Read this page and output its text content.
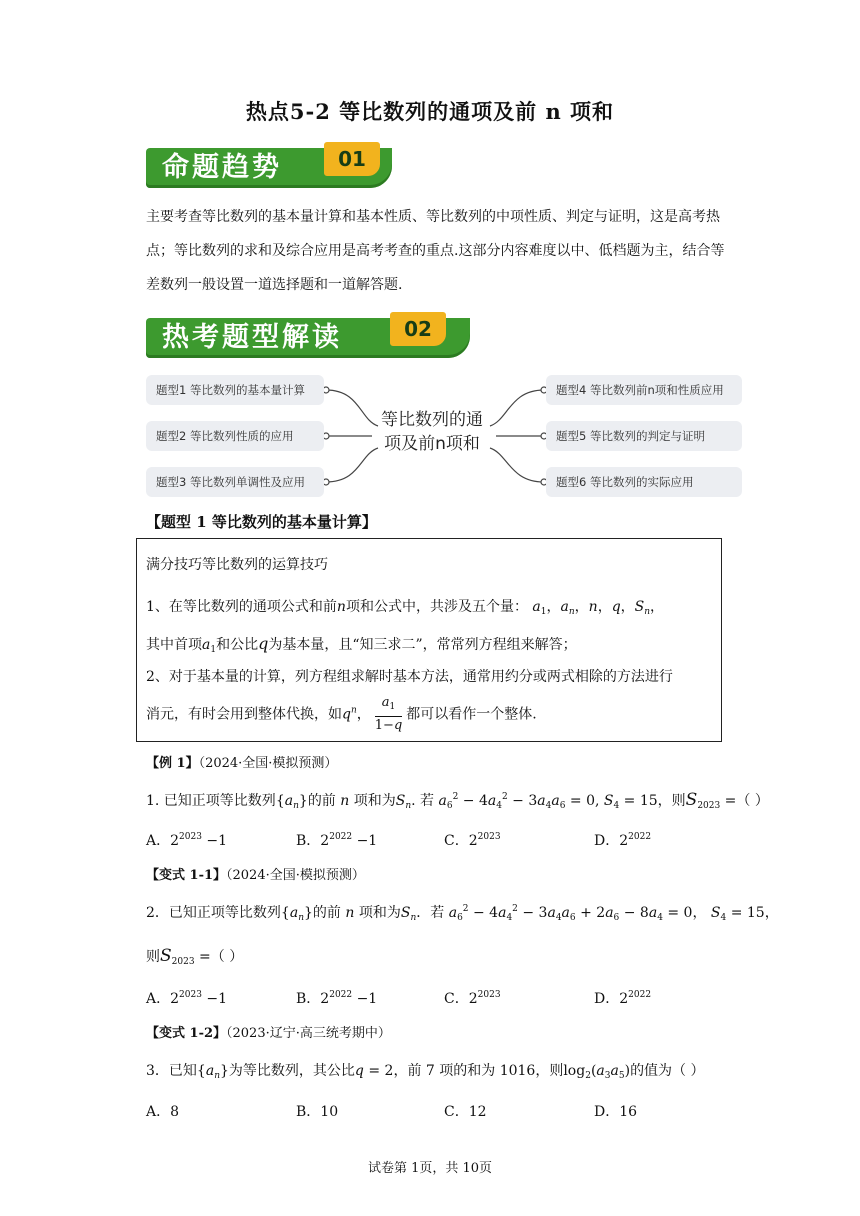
热点5-2 等比数列的通项及前 n 项和
命题趋势	01
主要考查等比数列的基本量计算和基本性质、等比数列的中项性质、判定与证明，这是高考热点；等比数列的求和及综合应用是高考考查的重点.这部分内容难度以中、低档题为主，结合等差数列一般设置一道选择题和一道解答题.
热考题型解读	02
题型1 等比数列的基本量计算
题型2 等比数列性质的应用
题型3 等比数列单调性及应用
题型4 等比数列前n项和性质应用
题型5 等比数列的判定与证明
题型6 等比数列的实际应用
等比数列的通
项及前n项和
【题型 1 等比数列的基本量计算】
满分技巧等比数列的运算技巧
1、在等比数列的通项公式和前n项和公式中，共涉及五个量： $a_1$，$a_n$，n，q，$S_n$，
其中首项$a_1$和公比q为基本量，且“知三求二”，常常列方程组来解答；
2、对于基本量的计算，列方程组求解时基本方法，通常用约分或两式相除的方法进行
消元，有时会用到整体代换，如$q^n$， $\frac{a_1}{1-q}$ 都可以看作一个整体.
【例 1】（2024·全国·模拟预测）
1. 已知正项等比数列$\{a_n\}$的前 n 项和为$S_n$. 若 $a_6^2 - 4a_4^2 - 3a_4a_6 = 0$, $S_4 = 15$，则$S_{2023}$ =（ ）
A．$2^{2023} -1$	B．$2^{2022} -1$	C．$2^{2023}$	D．$2^{2022}$
【变式 1-1】（2024·全国·模拟预测）
2．已知正项等比数列$\{a_n\}$的前 n 项和为$S_n$．若 $a_6^2 - 4a_4^2 - 3a_4a_6 + 2a_6 - 8a_4 = 0$， $S_4 = 15$，
则$S_{2023}$ =（ ）
A．$2^{2023} -1$	B．$2^{2022} -1$	C．$2^{2023}$	D．$2^{2022}$
【变式 1-2】（2023·辽宁·高三统考期中）
3．已知$\{a_n\}$为等比数列，其公比q = 2，前 7 项的和为 1016，则$\log_2(a_3a_5)$的值为（ ）
A．8	B．10	C．12	D．16
试卷第 1页，共 10页
